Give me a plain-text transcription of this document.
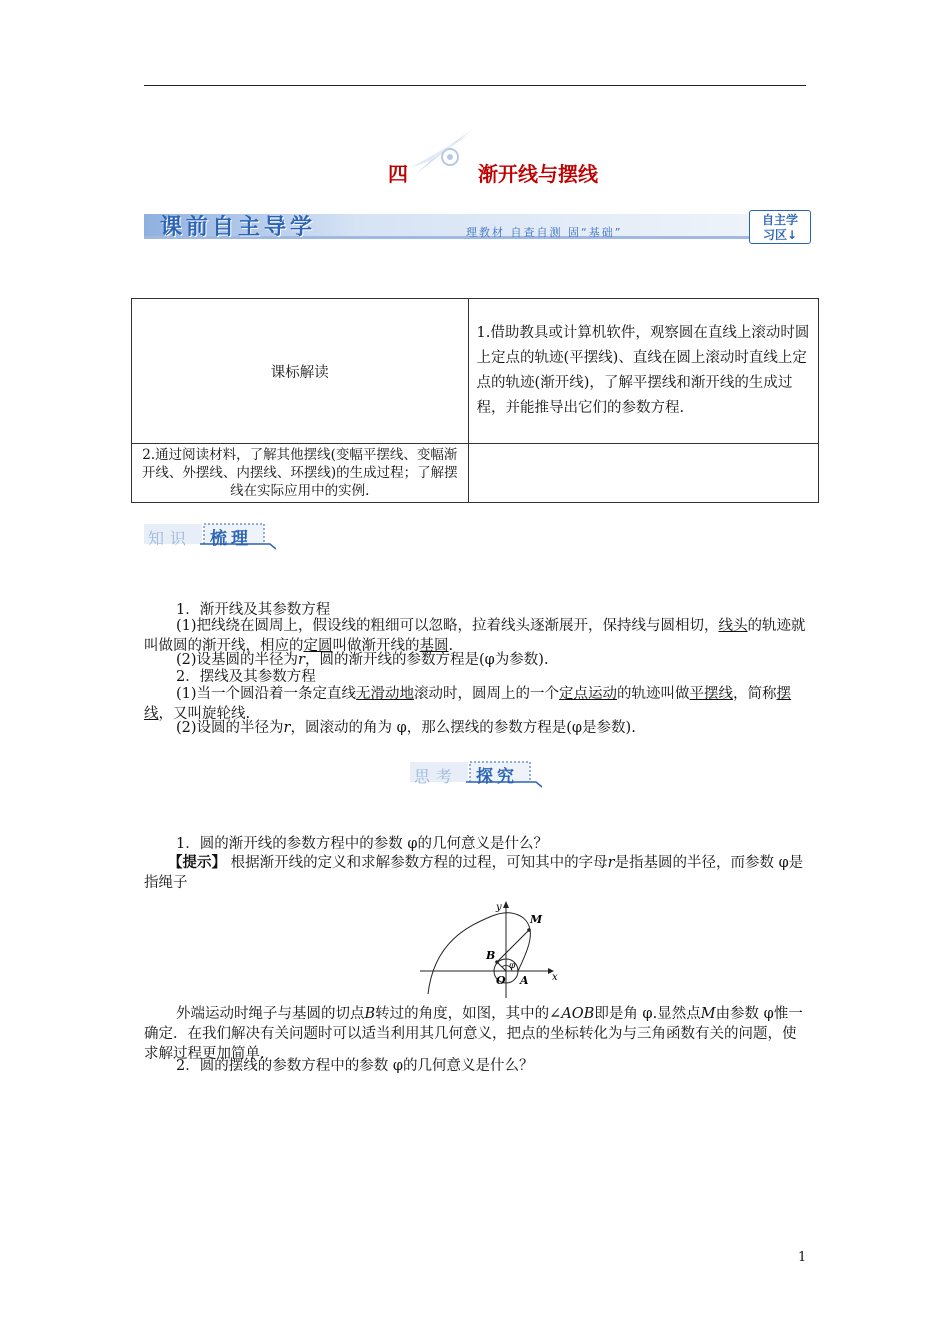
四	渐开线与摆线
课前自主导学	理教材 自查自测 固“基础”
自主学
习区↓
课标解读	1.借助教具或计算机软件，观察圆在直线上滚动时圆上定点的轨迹(平摆线)、直线在圆上滚动时直线上定点的轨迹(渐开线)，了解平摆线和渐开线的生成过程，并能推导出它们的参数方程.
2.通过阅读材料，了解其他摆线(变幅平摆线、变幅渐开线、外摆线、内摆线、环摆线)的生成过程；了解摆线在实际应用中的实例.	
知识 梳理
1．渐开线及其参数方程
(1)把线绕在圆周上，假设线的粗细可以忽略，拉着线头逐渐展开，保持线与圆相切，线头的轨迹就叫做圆的渐开线，相应的定圆叫做渐开线的基圆.
(2)设基圆的半径为r，圆的渐开线的参数方程是(φ为参数).
2．摆线及其参数方程
(1)当一个圆沿着一条定直线无滑动地滚动时，圆周上的一个定点运动的轨迹叫做平摆线，简称摆线，又叫旋轮线.
(2)设圆的半径为r，圆滚动的角为 φ，那么摆线的参数方程是(φ是参数).
思考 探究
1．圆的渐开线的参数方程中的参数 φ的几何意义是什么？
【提示】 根据渐开线的定义和求解参数方程的过程，可知其中的字母r是指基圆的半径，而参数 φ是指绳子
M
B
O A
φ
y
x
外端运动时绳子与基圆的切点B转过的角度，如图，其中的∠AOB即是角 φ.显然点M由参数 φ惟一确定．在我们解决有关问题时可以适当利用其几何意义，把点的坐标转化为与三角函数有关的问题，使求解过程更加简单.
2．圆的摆线的参数方程中的参数 φ的几何意义是什么？
1
